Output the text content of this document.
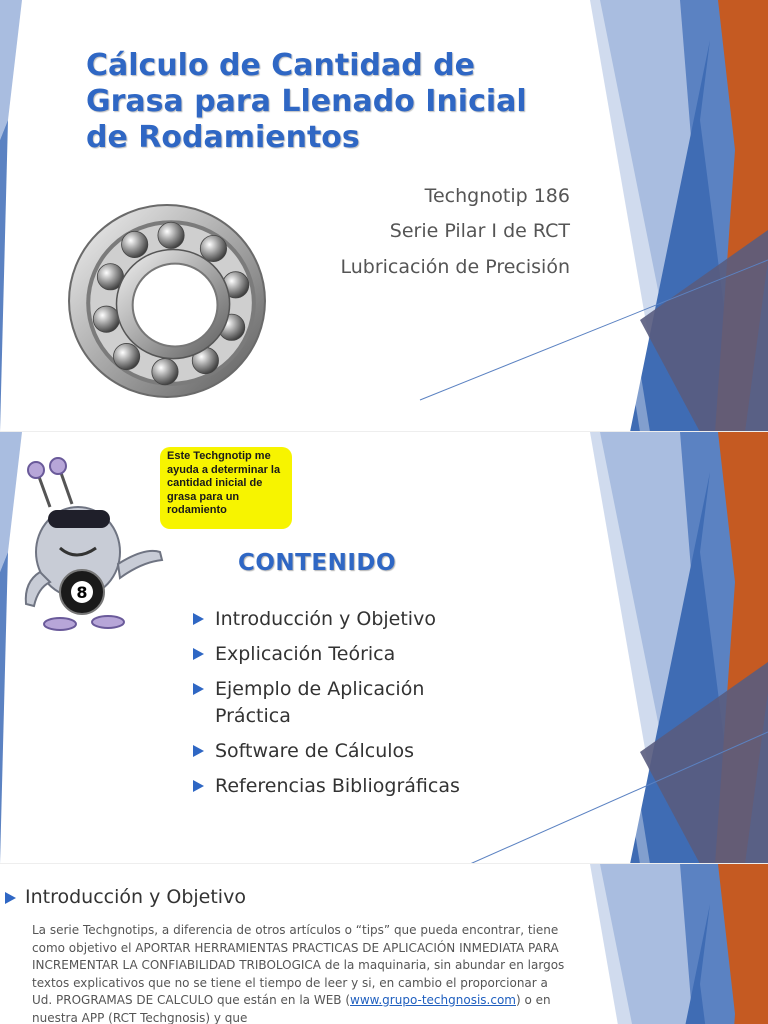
Cálculo de Cantidad de Grasa para Llenado Inicial de Rodamientos
Techgnotip 186
Serie Pilar I de RCT
Lubricación de Precisión
Este Techgnotip me ayuda a determinar la cantidad inicial de grasa para un rodamiento
8
CONTENIDO
Introducción y Objetivo
Explicación Teórica
Ejemplo de Aplicación Práctica
Software de Cálculos
Referencias Bibliográficas
Introducción y Objetivo

La serie Techgnotips, a diferencia de otros artículos o “tips” que pueda encontrar, tiene como objetivo el APORTAR HERRAMIENTAS PRACTICAS DE APLICACIÓN INMEDIATA PARA INCREMENTAR LA CONFIABILIDAD TRIBOLOGICA de la maquinaria, sin abundar en largos textos explicativos que no se tiene el tiempo de leer y si, en cambio el proporcionar a Ud. PROGRAMAS DE CALCULO que están en la WEB (www.grupo-techgnosis.com) o en nuestra APP (RCT Techgnosis) y que
